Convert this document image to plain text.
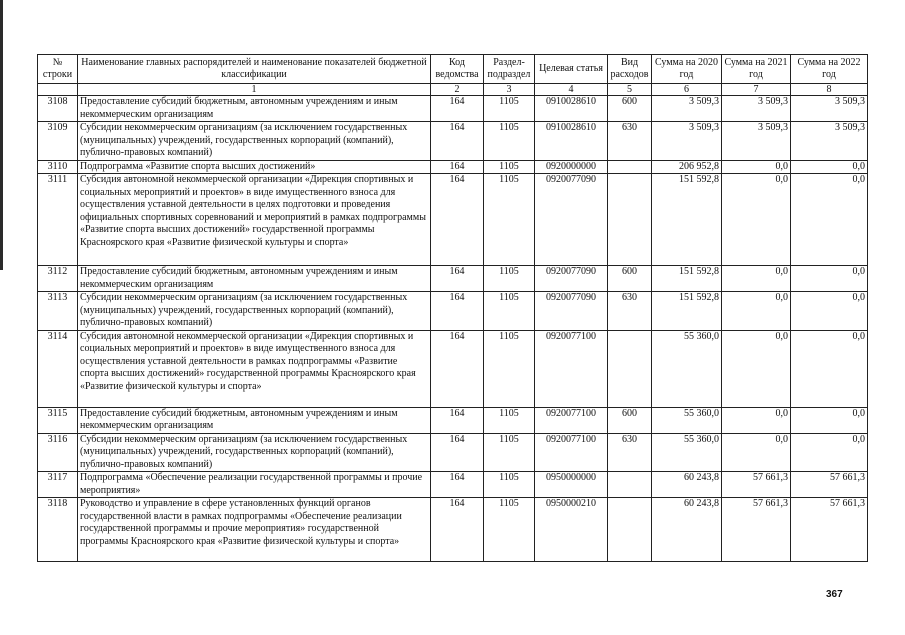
№ строки	Наименование главных распорядителей и наименование показателей бюджетной классификации	Код ведомства	Раздел-подраздел	Целевая статья	Вид расходов	Сумма на 2020 год	Сумма на 2021 год	Сумма на 2022 год
	1	2	3	4	5	6	7	8
3108	Предоставление субсидий бюджетным, автономным учреждениям и иным некоммерческим организациям	164	1105	0910028610	600	3 509,3	3 509,3	3 509,3
3109	Субсидии некоммерческим организациям (за исключением государственных (муниципальных) учреждений, государственных корпораций (компаний), публично-правовых компаний)	164	1105	0910028610	630	3 509,3	3 509,3	3 509,3
3110	Подпрограмма «Развитие спорта высших достижений»	164	1105	0920000000		206 952,8	0,0	0,0
3111	Субсидия автономной некоммерческой организации «Дирекция спортивных и социальных мероприятий и проектов» в виде имущественного взноса для осуществления уставной деятельности в целях подготовки и проведения официальных спортивных соревнований и мероприятий в рамках подпрограммы «Развитие спорта высших достижений» государственной программы Красноярского края «Развитие физической культуры и спорта»	164	1105	0920077090		151 592,8	0,0	0,0
3112	Предоставление субсидий бюджетным, автономным учреждениям и иным некоммерческим организациям	164	1105	0920077090	600	151 592,8	0,0	0,0
3113	Субсидии некоммерческим организациям (за исключением государственных (муниципальных) учреждений, государственных корпораций (компаний), публично-правовых компаний)	164	1105	0920077090	630	151 592,8	0,0	0,0
3114	Субсидия автономной некоммерческой организации «Дирекция спортивных и социальных мероприятий и проектов» в виде имущественного взноса для осуществления уставной деятельности в рамках подпрограммы «Развитие спорта высших достижений» государственной программы Красноярского края «Развитие физической культуры и спорта»	164	1105	0920077100		55 360,0	0,0	0,0
3115	Предоставление субсидий бюджетным, автономным учреждениям и иным некоммерческим организациям	164	1105	0920077100	600	55 360,0	0,0	0,0
3116	Субсидии некоммерческим организациям (за исключением государственных (муниципальных) учреждений, государственных корпораций (компаний), публично-правовых компаний)	164	1105	0920077100	630	55 360,0	0,0	0,0
3117	Подпрограмма «Обеспечение реализации государственной программы и прочие мероприятия»	164	1105	0950000000		60 243,8	57 661,3	57 661,3
3118	Руководство и управление в сфере установленных функций органов государственной власти в рамках подпрограммы «Обеспечение реализации государственной программы и прочие мероприятия» государственной программы Красноярского края «Развитие физической культуры и спорта»	164	1105	0950000210		60 243,8	57 661,3	57 661,3
367
